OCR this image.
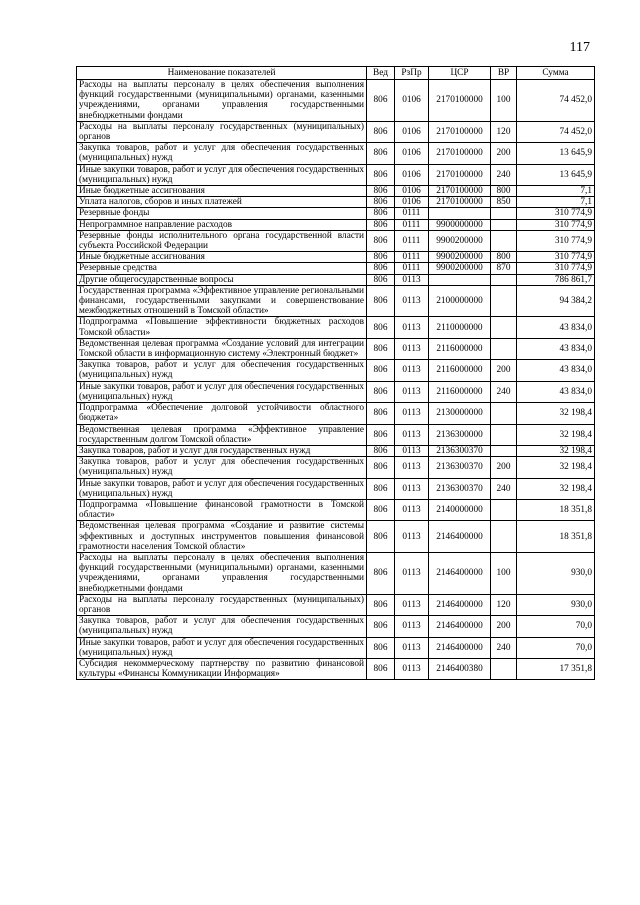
117
Наименование показателей	Вед	РзПр	ЦСР	ВР	Сумма
Расходы на выплаты персоналу в целях обеспечения выполнения функций государственными (муниципальными) органами, казенными учреждениями, органами управления государственными внебюджетными фондами	806	0106	2170100000	100	74 452,0
Расходы на выплаты персоналу государственных (муниципальных) органов	806	0106	2170100000	120	74 452,0
Закупка товаров, работ и услуг для обеспечения государственных (муниципальных) нужд	806	0106	2170100000	200	13 645,9
Иные закупки товаров, работ и услуг для обеспечения государственных (муниципальных) нужд	806	0106	2170100000	240	13 645,9
Иные бюджетные ассигнования	806	0106	2170100000	800	7,1
Уплата налогов, сборов и иных платежей	806	0106	2170100000	850	7,1
Резервные фонды	806	0111			310 774,9
Непрограммное направление расходов	806	0111	9900000000		310 774,9
Резервные фонды исполнительного органа государственной власти субъекта Российской Федерации	806	0111	9900200000		310 774,9
Иные бюджетные ассигнования	806	0111	9900200000	800	310 774,9
Резервные средства	806	0111	9900200000	870	310 774,9
Другие общегосударственные вопросы	806	0113			786 861,7
Государственная программа «Эффективное управление региональными финансами, государственными закупками и совершенствование межбюджетных отношений в Томской области»	806	0113	2100000000		94 384,2
Подпрограмма «Повышение эффективности бюджетных расходов Томской области»	806	0113	2110000000		43 834,0
Ведомственная целевая программа «Создание условий для интеграции Томской области в информационную систему «Электронный бюджет»	806	0113	2116000000		43 834,0
Закупка товаров, работ и услуг для обеспечения государственных (муниципальных) нужд	806	0113	2116000000	200	43 834,0
Иные закупки товаров, работ и услуг для обеспечения государственных (муниципальных) нужд	806	0113	2116000000	240	43 834,0
Подпрограмма «Обеспечение долговой устойчивости областного бюджета»	806	0113	2130000000		32 198,4
Ведомственная целевая программа «Эффективное управление государственным долгом Томской области»	806	0113	2136300000		32 198,4
Закупка товаров, работ и услуг для государственных нужд	806	0113	2136300370		32 198,4
Закупка товаров, работ и услуг для обеспечения государственных (муниципальных) нужд	806	0113	2136300370	200	32 198,4
Иные закупки товаров, работ и услуг для обеспечения государственных (муниципальных) нужд	806	0113	2136300370	240	32 198,4
Подпрограмма «Повышение финансовой грамотности в Томской области»	806	0113	2140000000		18 351,8
Ведомственная целевая программа «Создание и развитие системы эффективных и доступных инструментов повышения финансовой грамотности населения Томской области»	806	0113	2146400000		18 351,8
Расходы на выплаты персоналу в целях обеспечения выполнения функций государственными (муниципальными) органами, казенными учреждениями, органами управления государственными внебюджетными фондами	806	0113	2146400000	100	930,0
Расходы на выплаты персоналу государственных (муниципальных) органов	806	0113	2146400000	120	930,0
Закупка товаров, работ и услуг для обеспечения государственных (муниципальных) нужд	806	0113	2146400000	200	70,0
Иные закупки товаров, работ и услуг для обеспечения государственных (муниципальных) нужд	806	0113	2146400000	240	70,0
Субсидия некоммерческому партнерству по развитию финансовой культуры «Финансы Коммуникации Информация»	806	0113	2146400380		17 351,8
